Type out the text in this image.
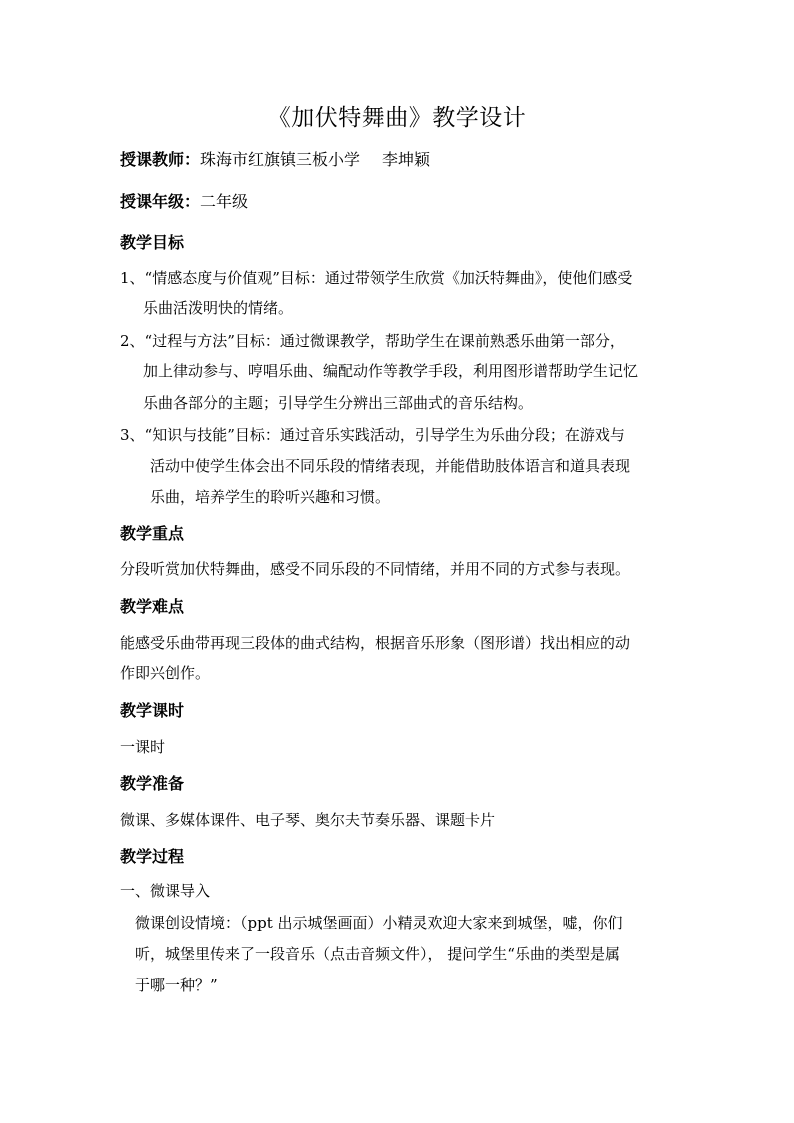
《加伏特舞曲》教学设计
授课教师：珠海市红旗镇三板小学 李坤颖
授课年级：二年级
教学目标
1、“情感态度与价值观”目标：通过带领学生欣赏《加沃特舞曲》，使他们感受
乐曲活泼明快的情绪。
2、“过程与方法”目标：通过微课教学，帮助学生在课前熟悉乐曲第一部分，
加上律动参与、哼唱乐曲、编配动作等教学手段，利用图形谱帮助学生记忆
乐曲各部分的主题；引导学生分辨出三部曲式的音乐结构。
3、“知识与技能”目标：通过音乐实践活动，引导学生为乐曲分段；在游戏与
活动中使学生体会出不同乐段的情绪表现，并能借助肢体语言和道具表现
乐曲，培养学生的聆听兴趣和习惯。
教学重点
分段听赏加伏特舞曲，感受不同乐段的不同情绪，并用不同的方式参与表现。
教学难点
能感受乐曲带再现三段体的曲式结构，根据音乐形象（图形谱）找出相应的动
作即兴创作。
教学课时
一课时
教学准备
微课、多媒体课件、电子琴、奥尔夫节奏乐器、课题卡片
教学过程
一、微课导入
微课创设情境：（ppt 出示城堡画面）小精灵欢迎大家来到城堡，嘘，你们
听，城堡里传来了一段音乐（点击音频文件）， 提问学生“乐曲的类型是属
于哪一种？”
